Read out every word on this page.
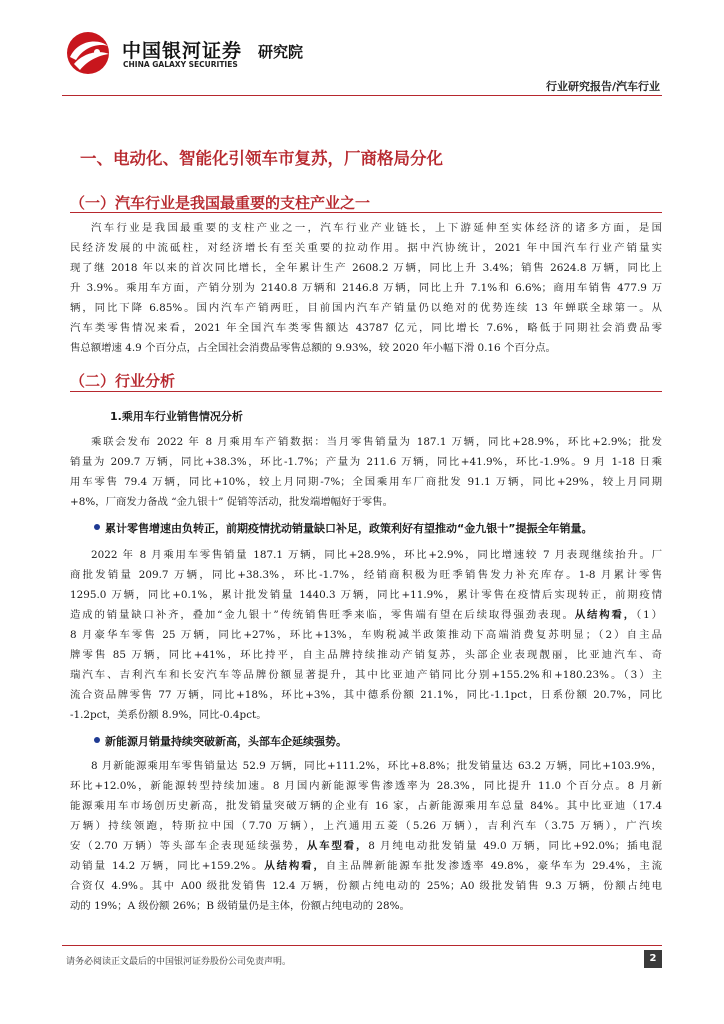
中国银河证券
CHINA GALAXY SECURITIES
研究院
行业研究报告/汽车行业
一、电动化、智能化引领车市复苏，厂商格局分化
（一）汽车行业是我国最重要的支柱产业之一
汽车行业是我国最重要的支柱产业之一，汽车行业产业链长，上下游延伸至实体经济的诸多方面，是国
民经济发展的中流砥柱，对经济增长有至关重要的拉动作用。据中汽协统计，2021 年中国汽车行业产销量实
现了继 2018 年以来的首次同比增长，全年累计生产 2608.2 万辆，同比上升 3.4%；销售 2624.8 万辆，同比上
升 3.9%。乘用车方面，产销分别为 2140.8 万辆和 2146.8 万辆，同比上升 7.1%和 6.6%；商用车销售 477.9 万
辆，同比下降 6.85%。国内汽车产销两旺，目前国内汽车产销量仍以绝对的优势连续 13 年蝉联全球第一。从
汽车类零售情况来看，2021 年全国汽车类零售额达 43787 亿元，同比增长 7.6%，略低于同期社会消费品零
售总额增速 4.9 个百分点，占全国社会消费品零售总额的 9.93%，较 2020 年小幅下滑 0.16 个百分点。
（二）行业分析
1.乘用车行业销售情况分析
乘联会发布 2022 年 8 月乘用车产销数据：当月零售销量为 187.1 万辆，同比+28.9%，环比+2.9%；批发
销量为 209.7 万辆，同比+38.3%，环比-1.7%；产量为 211.6 万辆，同比+41.9%，环比-1.9%。9 月 1-18 日乘
用车零售 79.4 万辆，同比+10%，较上月同期-7%；全国乘用车厂商批发 91.1 万辆，同比+29%，较上月同期
+8%，厂商发力备战 “金九银十” 促销等活动，批发端增幅好于零售。
累计零售增速由负转正，前期疫情扰动销量缺口补足，政策利好有望推动“金九银十”提振全年销量。
2022 年 8 月乘用车零售销量 187.1 万辆，同比+28.9%，环比+2.9%，同比增速较 7 月表现继续抬升。厂
商批发销量 209.7 万辆，同比+38.3%，环比-1.7%，经销商积极为旺季销售发力补充库存。1-8 月累计零售
1295.0 万辆，同比+0.1%，累计批发销量 1440.3 万辆，同比+11.9%，累计零售在疫情后实现转正，前期疫情
造成的销量缺口补齐，叠加“金九银十”传统销售旺季来临，零售端有望在后续取得强劲表现。从结构看，（1）
8 月豪华车零售 25 万辆，同比+27%，环比+13%，车购税减半政策推动下高端消费复苏明显；（2）自主品
牌零售 85 万辆，同比+41%，环比持平，自主品牌持续推动产销复苏，头部企业表现靓丽，比亚迪汽车、奇
瑞汽车、吉利汽车和长安汽车等品牌份额显著提升，其中比亚迪产销同比分别+155.2%和+180.23%。（3）主
流合资品牌零售 77 万辆，同比+18%，环比+3%，其中德系份额 21.1%，同比-1.1pct，日系份额 20.7%，同比
-1.2pct，美系份额 8.9%，同比-0.4pct。
新能源月销量持续突破新高，头部车企延续强势。
8 月新能源乘用车零售销量达 52.9 万辆，同比+111.2%，环比+8.8%；批发销量达 63.2 万辆，同比+103.9%，
环比+12.0%，新能源转型持续加速。8 月国内新能源零售渗透率为 28.3%，同比提升 11.0 个百分点。8 月新
能源乘用车市场创历史新高，批发销量突破万辆的企业有 16 家，占新能源乘用车总量 84%。其中比亚迪（17.4
万辆）持续领跑，特斯拉中国（7.70 万辆），上汽通用五菱（5.26 万辆），吉利汽车（3.75 万辆），广汽埃
安（2.70 万辆）等头部车企表现延续强势，从车型看，8 月纯电动批发销量 49.0 万辆，同比+92.0%；插电混
动销量 14.2 万辆，同比+159.2%。从结构看，自主品牌新能源车批发渗透率 49.8%，豪华车为 29.4%，主流
合资仅 4.9%。其中 A00 级批发销售 12.4 万辆，份额占纯电动的 25%；A0 级批发销售 9.3 万辆，份额占纯电
动的 19%；A 级份额 26%；B 级销量仍是主体，份额占纯电动的 28%。
请务必阅读正文最后的中国银河证券股份公司免责声明。	2
